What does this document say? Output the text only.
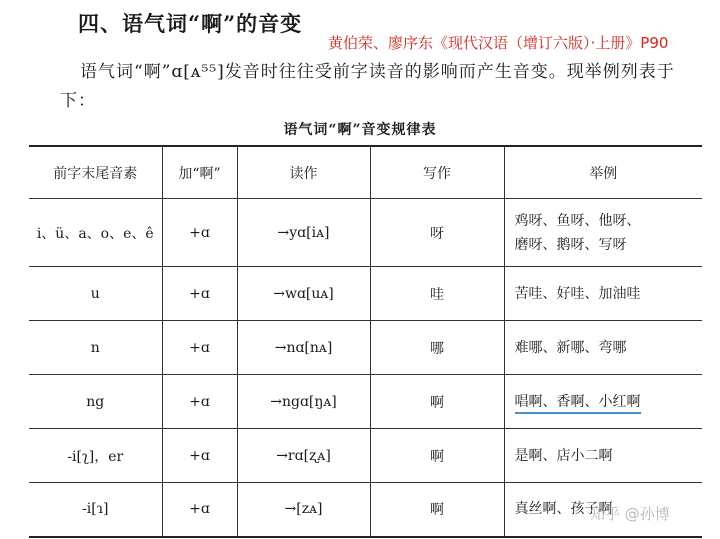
四、语气词“啊”的音变
黄伯荣、廖序东《现代汉语（增订六版）·上册》P90
语气词“啊”ɑ[ᴀ⁵⁵]发音时往往受前字读音的影响而产生音变。现举例列表于下：
语气词“啊”音变规律表
前字末尾音素	加“啊”	读作	写作	举例
i、ü、a、o、e、ê	+ɑ	→yɑ[iᴀ]	呀	鸡呀、鱼呀、他呀、
磨呀、鹅呀、写呀

u	+ɑ	→wɑ[uᴀ]	哇	苦哇、好哇、加油哇
n	+ɑ	→nɑ[nᴀ]	哪	难哪、新哪、弯哪
ng	+ɑ	→ngɑ[ŋᴀ]	啊	唱啊、香啊、小红啊
-i[ʅ]，er	+ɑ	→rɑ[ʐᴀ]	啊	是啊、店小二啊
-i[ɿ]	+ɑ	→[zᴀ]	啊	真丝啊、孩子啊
知乎 @孙博
